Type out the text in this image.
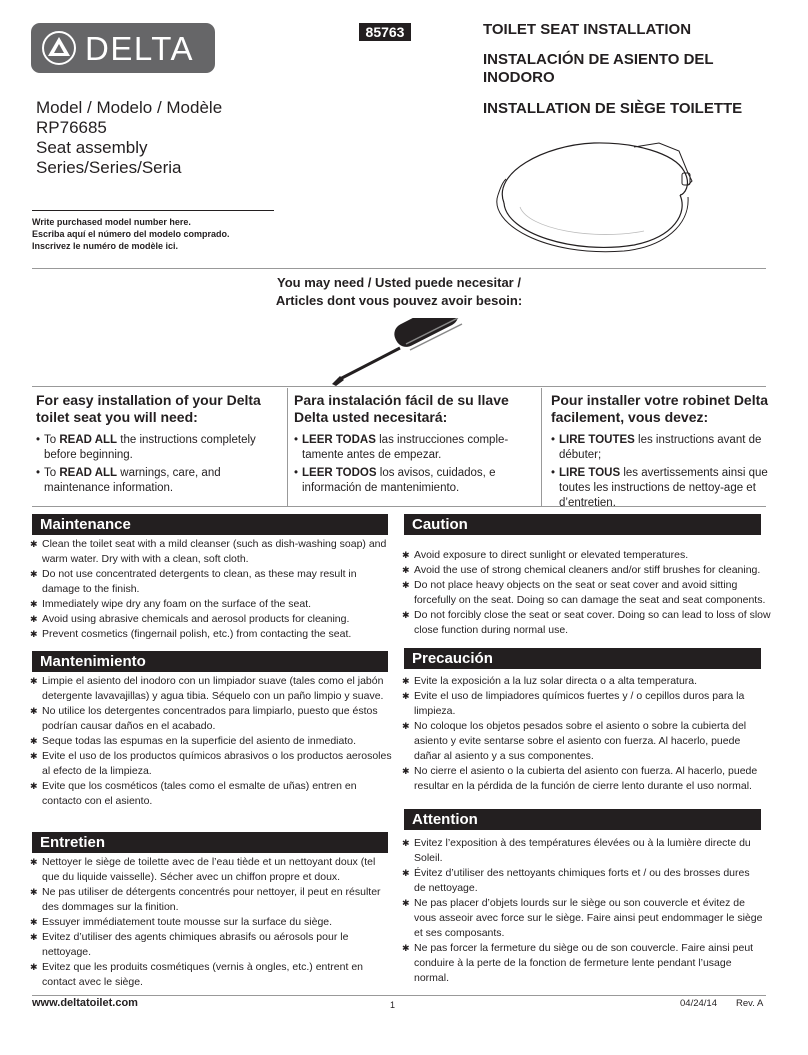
DELTA	85763
Model / Modelo / Modèle
RP76685
Seat assembly
Series/Series/Seria
TOILET SEAT INSTALLATION
INSTALACIÓN DE ASIENTO DEL INODORO
INSTALLATION DE SIÈGE TOILETTE
Write purchased model number here.
Escriba aquí el número del modelo comprado.
Inscrivez le numéro de modèle ici.
You may need / Usted puede necesitar /
Articles dont vous pouvez avoir besoin:
For easy installation of your Delta toilet seat you will need:
• To READ ALL the instructions completely before beginning.
• To READ ALL warnings, care, and maintenance information.
Para instalación fácil de su llave Delta usted necesitará:
• LEER TODAS las instrucciones comple-tamente antes de empezar.
• LEER TODOS los avisos, cuidados, e información de mantenimiento.
Pour installer votre robinet Delta facilement, vous devez:
• LIRE TOUTES les instructions avant de débuter;
• LIRE TOUS les avertissements ainsi que toutes les instructions de nettoy-age et d’entretien.
Maintenance
✱ Clean the toilet seat with a mild cleanser (such as dish-washing soap) and warm water. Dry with with a clean, soft cloth.
✱ Do not use concentrated detergents to clean, as these may result in damage to the finish.
✱ Immediately wipe dry any foam on the surface of the seat.
✱ Avoid using abrasive chemicals and aerosol products for cleaning.
✱ Prevent cosmetics (fingernail polish, etc.) from contacting the seat.
Mantenimiento
✱ Limpie el asiento del inodoro con un limpiador suave (tales como el jabón detergente lavavajillas) y agua tibia. Séquelo con un paño limpio y suave.
✱ No utilice los detergentes concentrados para limpiarlo, puesto que éstos podrían causar daños en el acabado.
✱ Seque todas las espumas en la superficie del asiento de inmediato.
✱ Evite el uso de los productos químicos abrasivos o los productos aerosoles al efecto de la limpieza.
✱ Evite que los cosméticos (tales como el esmalte de uñas) entren en contacto con el asiento.
Entretien
✱ Nettoyer le siège de toilette avec de l’eau tiède et un nettoyant doux (tel que du liquide vaisselle). Sécher avec un chiffon propre et doux.
✱ Ne pas utiliser de détergents concentrés pour nettoyer, il peut en résulter des dommages sur la finition.
✱ Essuyer immédiatement toute mousse sur la surface du siège.
✱ Evitez d’utiliser des agents chimiques abrasifs ou aérosols pour le nettoyage.
✱ Evitez que les produits cosmétiques (vernis à ongles, etc.) entrent en contact avec le siège.
Caution
✱ Avoid exposure to direct sunlight or elevated temperatures.
✱ Avoid the use of strong chemical cleaners and/or stiff brushes for cleaning.
✱ Do not place heavy objects on the seat or seat cover and avoid sitting forcefully on the seat. Doing so can damage the seat and seat components.
✱ Do not forcibly close the seat or seat cover. Doing so can lead to loss of slow close function during normal use.
Precaución
✱ Evite la exposición a la luz solar directa o a alta temperatura.
✱ Evite el uso de limpiadores químicos fuertes y / o cepillos duros para la limpieza.
✱ No coloque los objetos pesados sobre el asiento o sobre la cubierta del asiento y evite sentarse sobre el asiento con fuerza. Al hacerlo, puede dañar al asiento y a sus componentes.
✱ No cierre el asiento o la cubierta del asiento con fuerza. Al hacerlo, puede resultar en la pérdida de la función de cierre lento durante el uso normal.
Attention
✱ Evitez l’exposition à des températures élevées ou à la lumière directe du Soleil.
✱ Évitez d’utiliser des nettoyants chimiques forts et / ou des brosses dures de nettoyage.
✱ Ne pas placer d’objets lourds sur le siège ou son couvercle et évitez de vous asseoir avec force sur le siège. Faire ainsi peut endommager le siège et ses composants.
✱ Ne pas forcer la fermeture du siège ou de son couvercle. Faire ainsi peut conduire à la perte de la fonction de fermeture lente pendant l’usage normal.
www.deltatoilet.com	1	04/24/14 Rev. A
